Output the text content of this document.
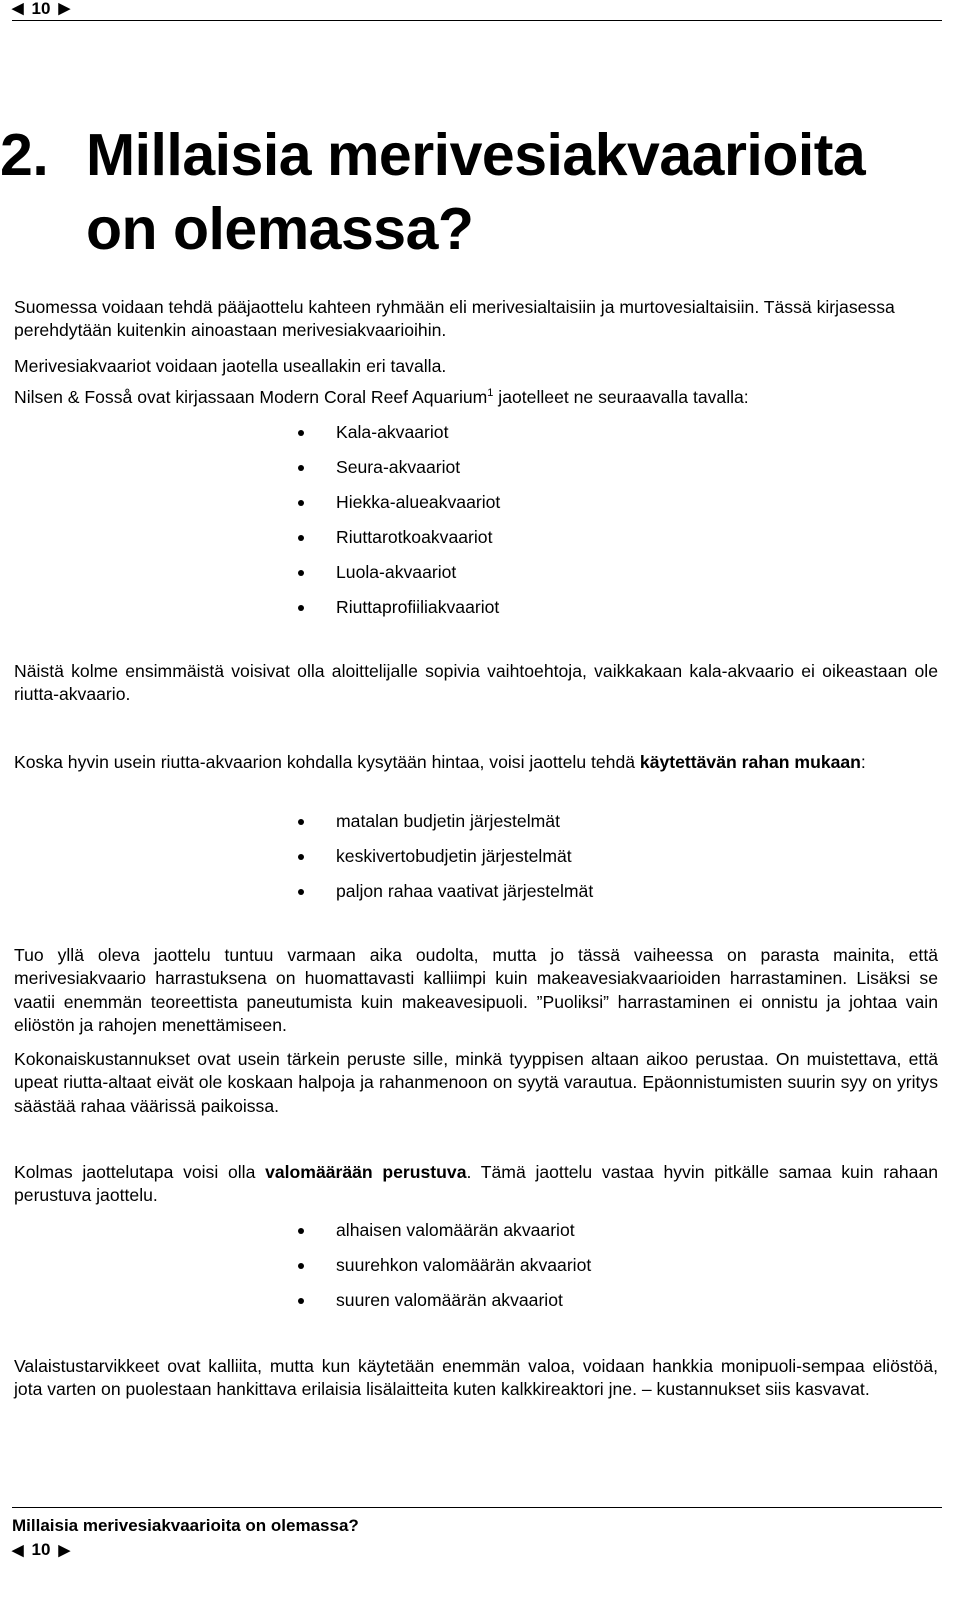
◀ 10 ▶
2. Millaisia merivesiakvaarioita
on olemassa?

Suomessa voidaan tehdä pääjaottelu kahteen ryhmään eli merivesialtaisiin ja murtovesialtaisiin. Tässä kirjasessa perehdytään kuitenkin ainoastaan merivesiakvaarioihin.

Merivesiakvaariot voidaan jaotella useallakin eri tavalla.

Nilsen & Fosså ovat kirjassaan Modern Coral Reef Aquarium$^1$ jaotelleet ne seuraavalla tavalla:

Kala-akvaariot
Seura-akvaariot
Hiekka-alueakvaariot
Riuttarotkoakvaariot
Luola-akvaariot
Riuttaprofiiliakvaariot

Näistä kolme ensimmäistä voisivat olla aloittelijalle sopivia vaihtoehtoja, vaikkakaan kala-akvaario ei oikeastaan ole riutta-akvaario.

Koska hyvin usein riutta-akvaarion kohdalla kysytään hintaa, voisi jaottelu tehdä käytettävän rahan mukaan:

matalan budjetin järjestelmät
keskivertobudjetin järjestelmät
paljon rahaa vaativat järjestelmät

Tuo yllä oleva jaottelu tuntuu varmaan aika oudolta, mutta jo tässä vaiheessa on parasta mainita, että merivesiakvaario harrastuksena on huomattavasti kalliimpi kuin makeavesiakvaarioiden harrastaminen. Lisäksi se vaatii enemmän teoreettista paneutumista kuin makeavesipuoli. ”Puoliksi” harrastaminen ei onnistu ja johtaa vain eliöstön ja rahojen menettämiseen.

Kokonaiskustannukset ovat usein tärkein peruste sille, minkä tyyppisen altaan aikoo perustaa. On muistettava, että upeat riutta-altaat eivät ole koskaan halpoja ja rahanmenoon on syytä varautua. Epäonnistumisten suurin syy on yritys säästää rahaa väärissä paikoissa.

Kolmas jaottelutapa voisi olla valomäärään perustuva. Tämä jaottelu vastaa hyvin pitkälle samaa kuin rahaan perustuva jaottelu.

alhaisen valomäärän akvaariot
suurehkon valomäärän akvaariot
suuren valomäärän akvaariot

Valaistustarvikkeet ovat kalliita, mutta kun käytetään enemmän valoa, voidaan hankkia monipuoli-sempaa eliöstöä, jota varten on puolestaan hankittava erilaisia lisälaitteita kuten kalkkireaktori jne. – kustannukset siis kasvavat.

Millaisia merivesiakvaarioita on olemassa?
◀ 10 ▶
